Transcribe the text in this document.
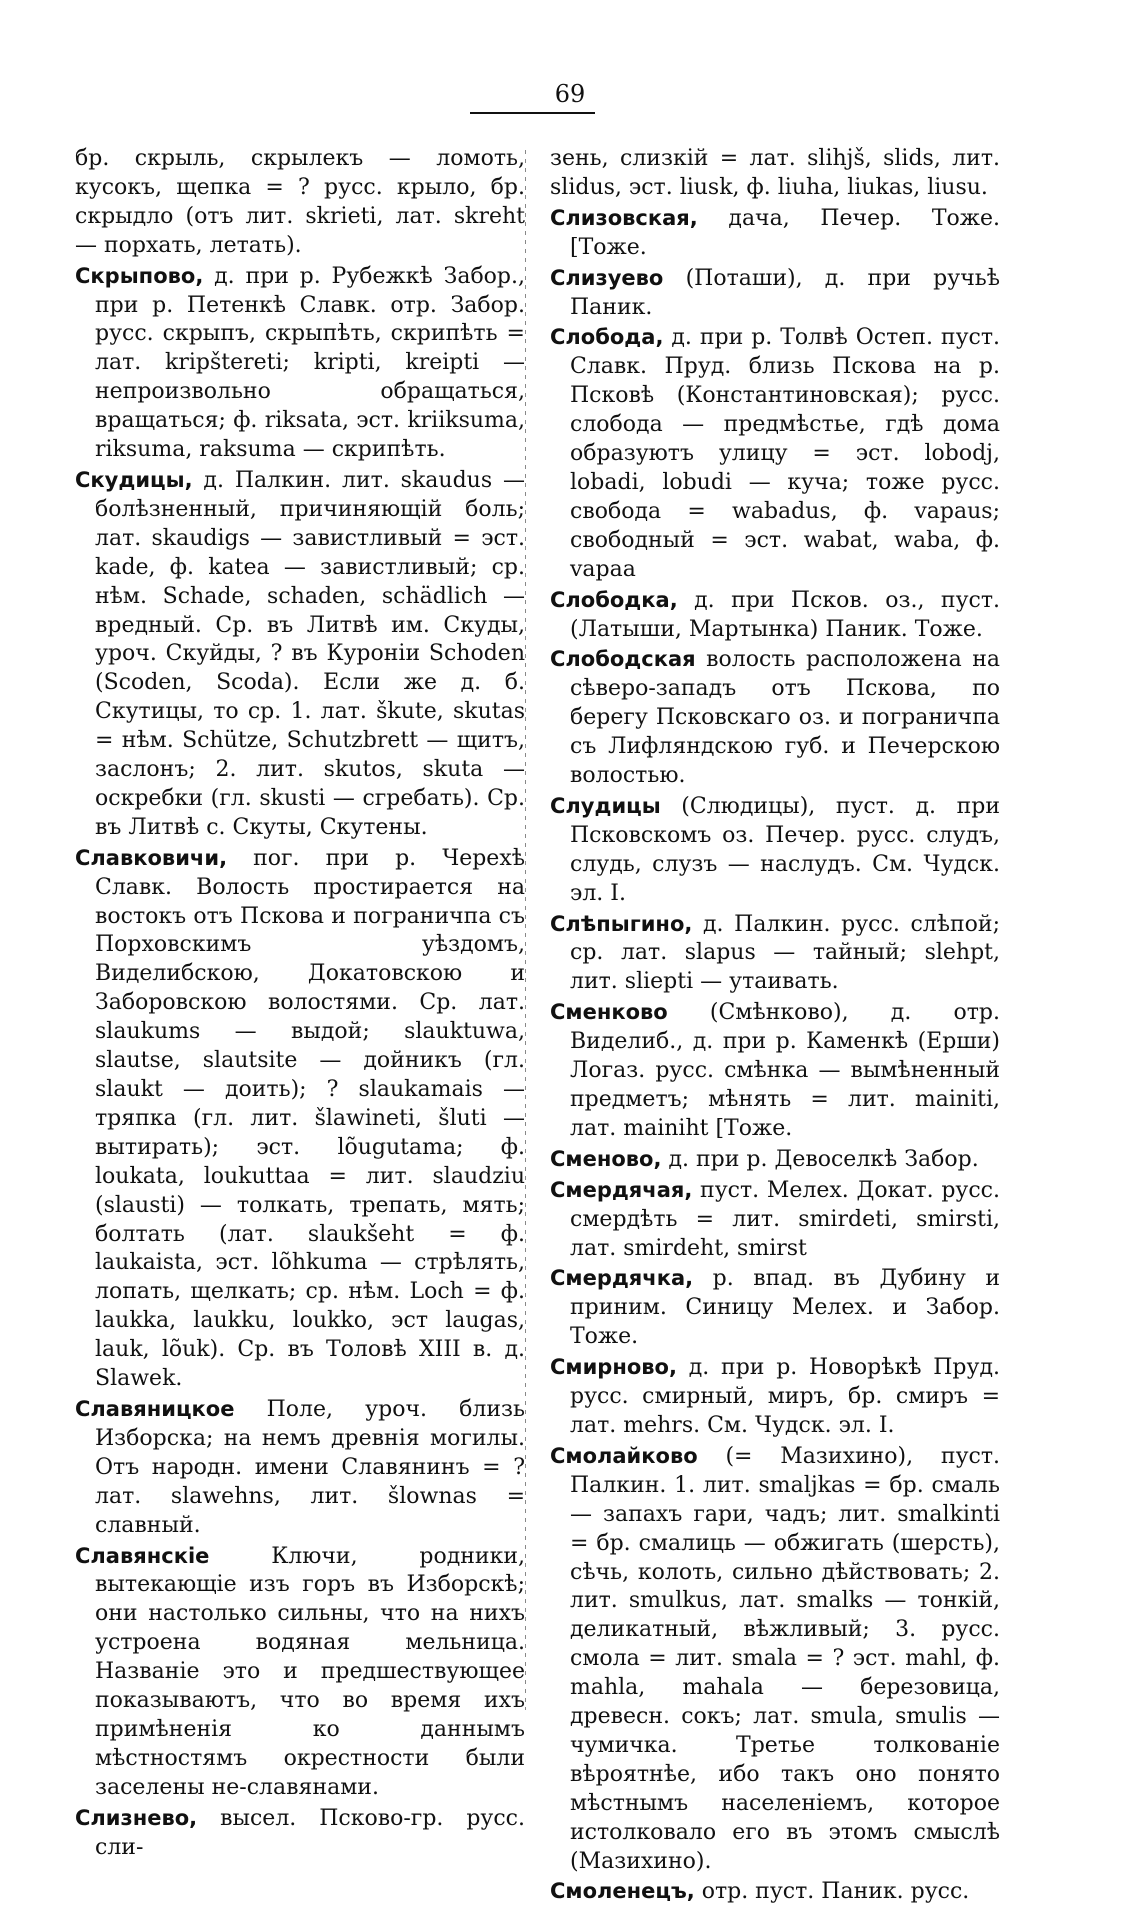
69

бр. скрыль, скрылекъ — ломоть, кусокъ, щепка = ? русс. крыло, бр. скрыдло (отъ лит. skrieti, лат. skreht — порхать, летать).

Скрыпово, д. при р. Рубежкѣ Забор., при р. Петенкѣ Славк. отр. Забор. русс. скрыпъ, скрыпѣть, скрипѣть = лат. kripštereti; kripti, kreipti — непроизвольно обращаться, вращаться; ф. riksata, эст. kriiksuma, riksuma, raksuma — скрипѣть.

Скудицы, д. Палкин. лит. skaudus — болѣзненный, причиняющій боль; лат. skaudigs — завистливый = эст. kade, ф. katea — завистливый; ср. нѣм. Schade, schaden, schädlich — вредный. Ср. въ Литвѣ им. Скуды, уроч. Скуйды, ? въ Куроніи Schoden (Scoden, Scoda). Если же д. б. Скутицы, то ср. 1. лат. škute, skutas = нѣм. Schütze, Schutzbrett — щитъ, заслонъ; 2. лит. skutos, skuta — оскребки (гл. skusti — сгребать). Ср. въ Литвѣ с. Скуты, Скутены.

Славковичи, пог. при р. Черехѣ Славк. Волость простирается на востокъ отъ Пскова и пограничпа съ Порховскимъ уѣздомъ, Виделибскою, Докатовскою и Заборовскою волостями. Ср. лат. slaukums — выдой; slauktuwa, slautse, slautsite — дойникъ (гл. slaukt — доить); ? slaukamais — тряпка (гл. лит. šlawineti, šluti — вытирать); эст. lõugutama; ф. loukata, loukuttaa = лит. slaudziu (slausti) — толкать, трепать, мять; болтать (лат. slaukšeht = ф. laukaista, эст. lõhkuma — стрѣлять, лопать, щелкать; ср. нѣм. Loch = ф. laukka, laukku, loukko, эст laugas, lauk, lõuk). Ср. въ Толовѣ XIII в. д. Slawek.

Славяницкое Поле, уроч. близь Изборска; на немъ древнія могилы. Отъ народн. имени Славянинъ = ? лат. slawehns, лит. šlownas = славный.

Славянскіе Ключи, родники, вытекающіе изъ горъ въ Изборскѣ; они настолько сильны, что на нихъ устроена водяная мельница. Названіе это и предшествующее показываютъ, что во время ихъ примѣненія ко даннымъ мѣстностямъ окрестности были заселены не-славянами.

Слизнево, высел. Псково-гр. русс. сли-

зень, слизкій = лат. slihjš, slids, лит. slidus, эст. liusk, ф. liuha, liukas, liusu.

Слизовская, дача, Печер. Тоже. [Тоже.

Слизуево (Поташи), д. при ручьѣ Паник.

Слобода, д. при р. Толвѣ Остеп. пуст. Славк. Пруд. близь Пскова на р. Псковѣ (Константиновская); русс. слобода — предмѣстье, гдѣ дома образуютъ улицу = эст. lobodj, lobadi, lobudi — куча; тоже русс. свобода = wabadus, ф. vapaus; свободный = эст. wabat, waba, ф. vapaa

Слободка, д. при Псков. оз., пуст. (Латыши, Мартынка) Паник. Тоже.

Слободская волость расположена на сѣверо-западъ отъ Пскова, по берегу Псковскаго оз. и пограничпа съ Лифляндскою губ. и Печерскою волостью.

Слудицы (Слюдицы), пуст. д. при Псковскомъ оз. Печер. русс. слудъ, слудь, слузъ — наслудъ. См. Чудск. эл. I.

Слѣпыгино, д. Палкин. русс. слѣпой; ср. лат. slapus — тайный; slehpt, лит. sliepti — утаивать.

Сменково (Смѣнково), д. отр. Виделиб., д. при р. Каменкѣ (Ерши) Логаз. русс. смѣнка — вымѣненный предметъ; мѣнять = лит. mainiti, лат. mainiht [Тоже.

Сменово, д. при р. Девоселкѣ Забор.

Смердячая, пуст. Мелех. Докат. русс. смердѣть = лит. smirdeti, smirsti, лат. smirdeht, smirst

Смердячка, р. впад. въ Дубину и приним. Синицу Мелех. и Забор. Тоже.

Смирново, д. при р. Новорѣкѣ Пруд. русс. смирный, миръ, бр. смиръ = лат. mehrs. См. Чудск. эл. I.

Смолайково (= Мазихино), пуст. Палкин. 1. лит. smaljkas = бр. смаль — запахъ гари, чадъ; лит. smalkinti = бр. смалиць — обжигать (шерсть), сѣчь, колоть, сильно дѣйствовать; 2. лит. smulkus, лат. smalks — тонкій, деликатный, вѣжливый; 3. русс. смола = лит. smala = ? эст. mahl, ф. mahla, mahala — березовица, древесн. сокъ; лат. smula, smulis — чумичка. Третье толкованіе вѣроятнѣе, ибо такъ оно понято мѣстнымъ населеніемъ, которое истолковало его въ этомъ смыслѣ (Мазихино).

Смоленецъ, отр. пуст. Паник. русс.
